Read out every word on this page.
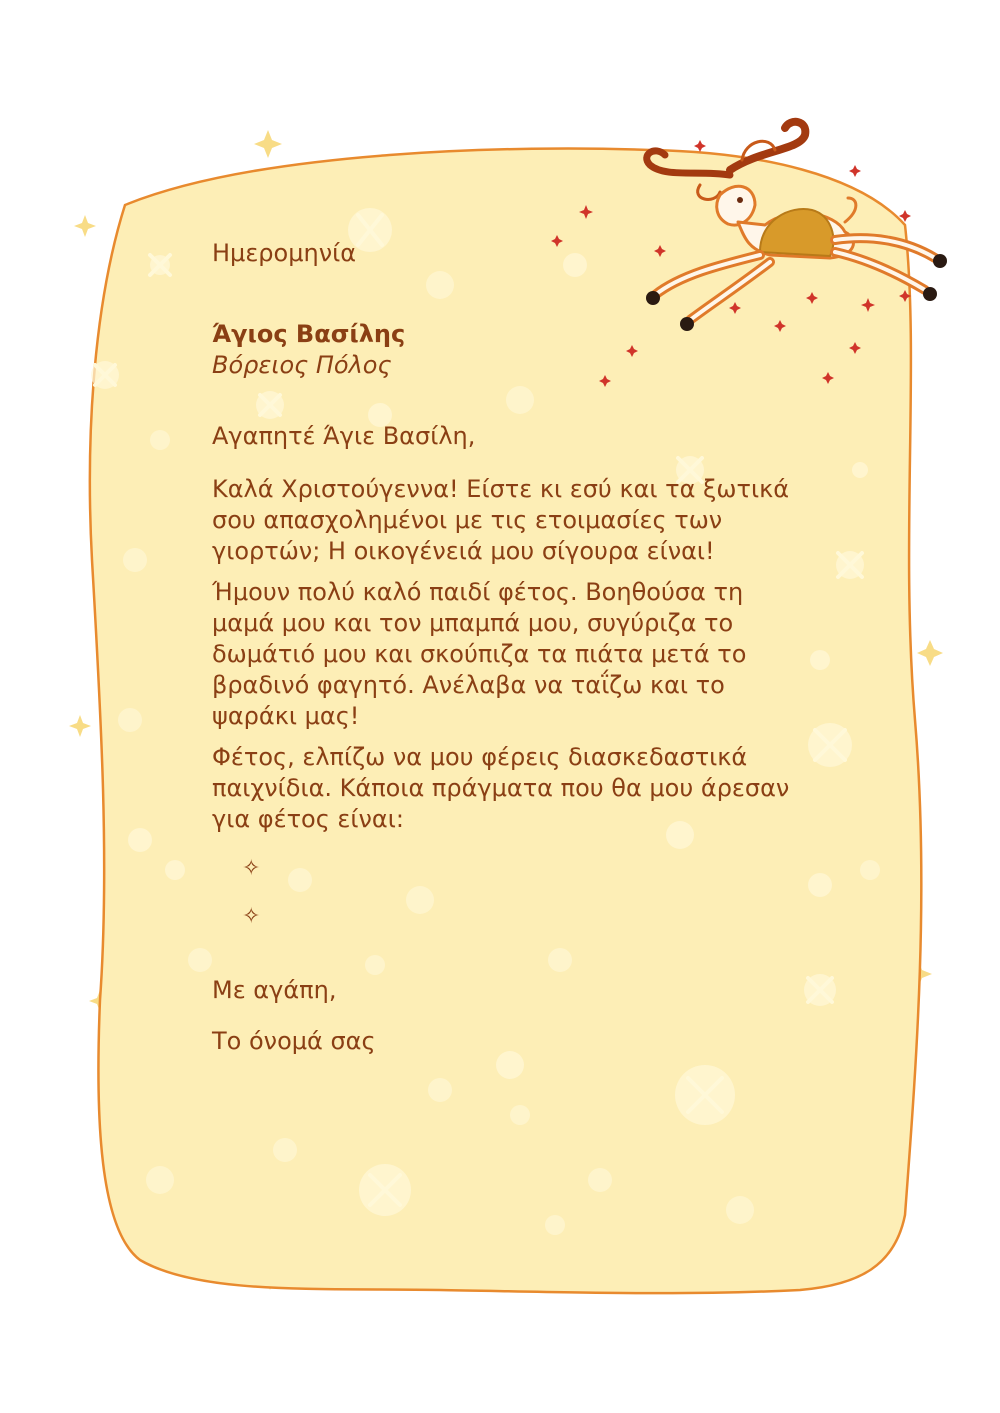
Ημερομηνία

Άγιος Βασίλης

Βόρειος Πόλος

Αγαπητέ Άγιε Βασίλη,

Καλά Χριστούγεννα! Είστε κι εσύ και τα ξωτικά σου απασχολημένοι με τις ετοιμασίες των γιορτών; Η οικογένειά μου σίγουρα είναι!

Ήμουν πολύ καλό παιδί φέτος. Βοηθούσα τη μαμά μου και τον μπαμπά μου, συγύριζα το δωμάτιό μου και σκούπιζα τα πιάτα μετά το βραδινό φαγητό. Ανέλαβα να ταΐζω και το ψαράκι μας!

Φέτος, ελπίζω να μου φέρεις διασκεδαστικά παιχνίδια. Κάποια πράγματα που θα μου άρεσαν για φέτος είναι:

✧
✧

Με αγάπη,

Το όνομά σας
